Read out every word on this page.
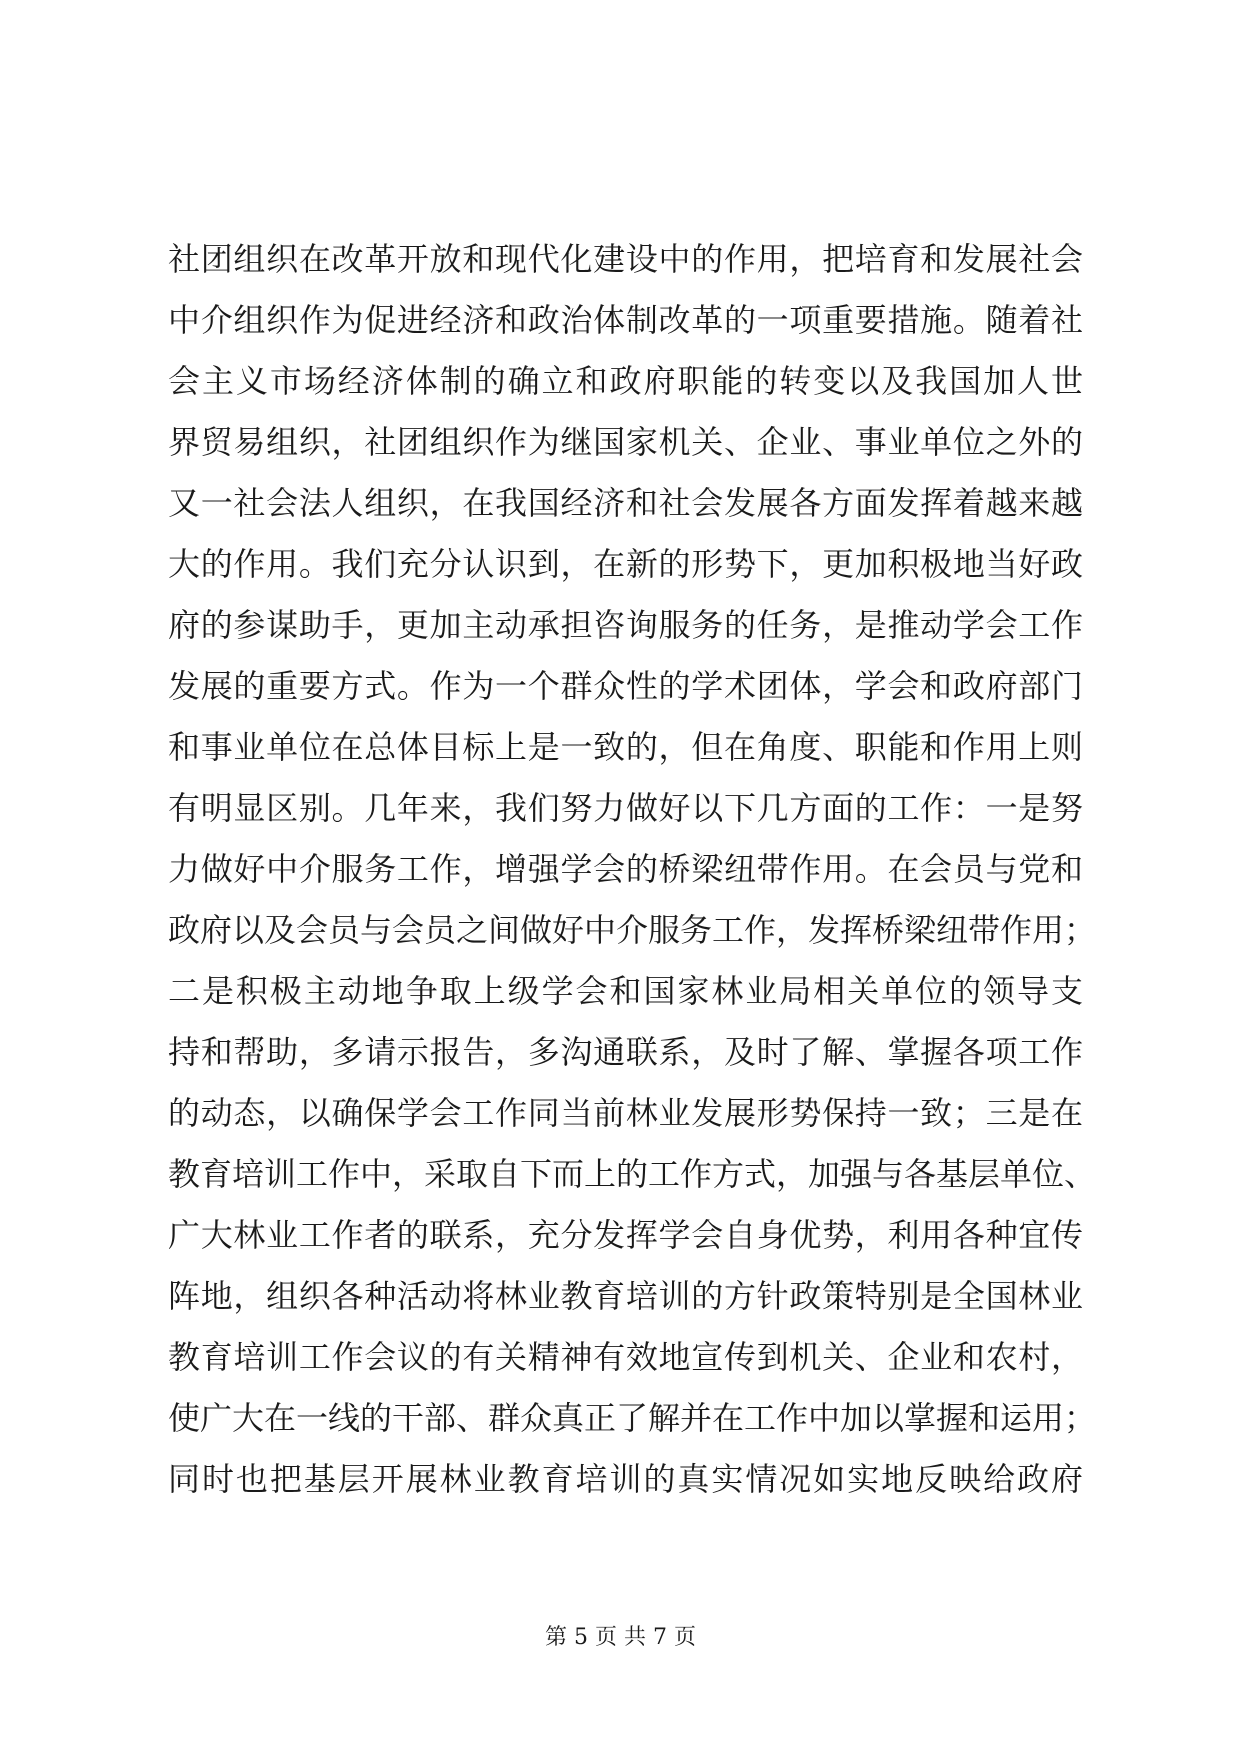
社团组织在改革开放和现代化建设中的作用，把培育和发展社会
中介组织作为促进经济和政治体制改革的一项重要措施。随着社
会主义市场经济体制的确立和政府职能的转变以及我国加人世
界贸易组织，社团组织作为继国家机关、企业、事业单位之外的
又一社会法人组织，在我国经济和社会发展各方面发挥着越来越
大的作用。我们充分认识到，在新的形势下，更加积极地当好政
府的参谋助手，更加主动承担咨询服务的任务，是推动学会工作
发展的重要方式。作为一个群众性的学术团体，学会和政府部门
和事业单位在总体目标上是一致的，但在角度、职能和作用上则
有明显区别。几年来，我们努力做好以下几方面的工作：一是努
力做好中介服务工作，增强学会的桥梁纽带作用。在会员与党和
政府以及会员与会员之间做好中介服务工作，发挥桥梁纽带作用；
二是积极主动地争取上级学会和国家林业局相关单位的领导支
持和帮助，多请示报告，多沟通联系，及时了解、掌握各项工作
的动态，以确保学会工作同当前林业发展形势保持一致；三是在
教育培训工作中，采取自下而上的工作方式，加强与各基层单位、
广大林业工作者的联系，充分发挥学会自身优势，利用各种宜传
阵地，组织各种活动将林业教育培训的方针政策特别是全国林业
教育培训工作会议的有关精神有效地宣传到机关、企业和农村，
使广大在一线的干部、群众真正了解并在工作中加以掌握和运用；
同时也把基层开展林业教育培训的真实情况如实地反映给政府
第 5 页 共 7 页
